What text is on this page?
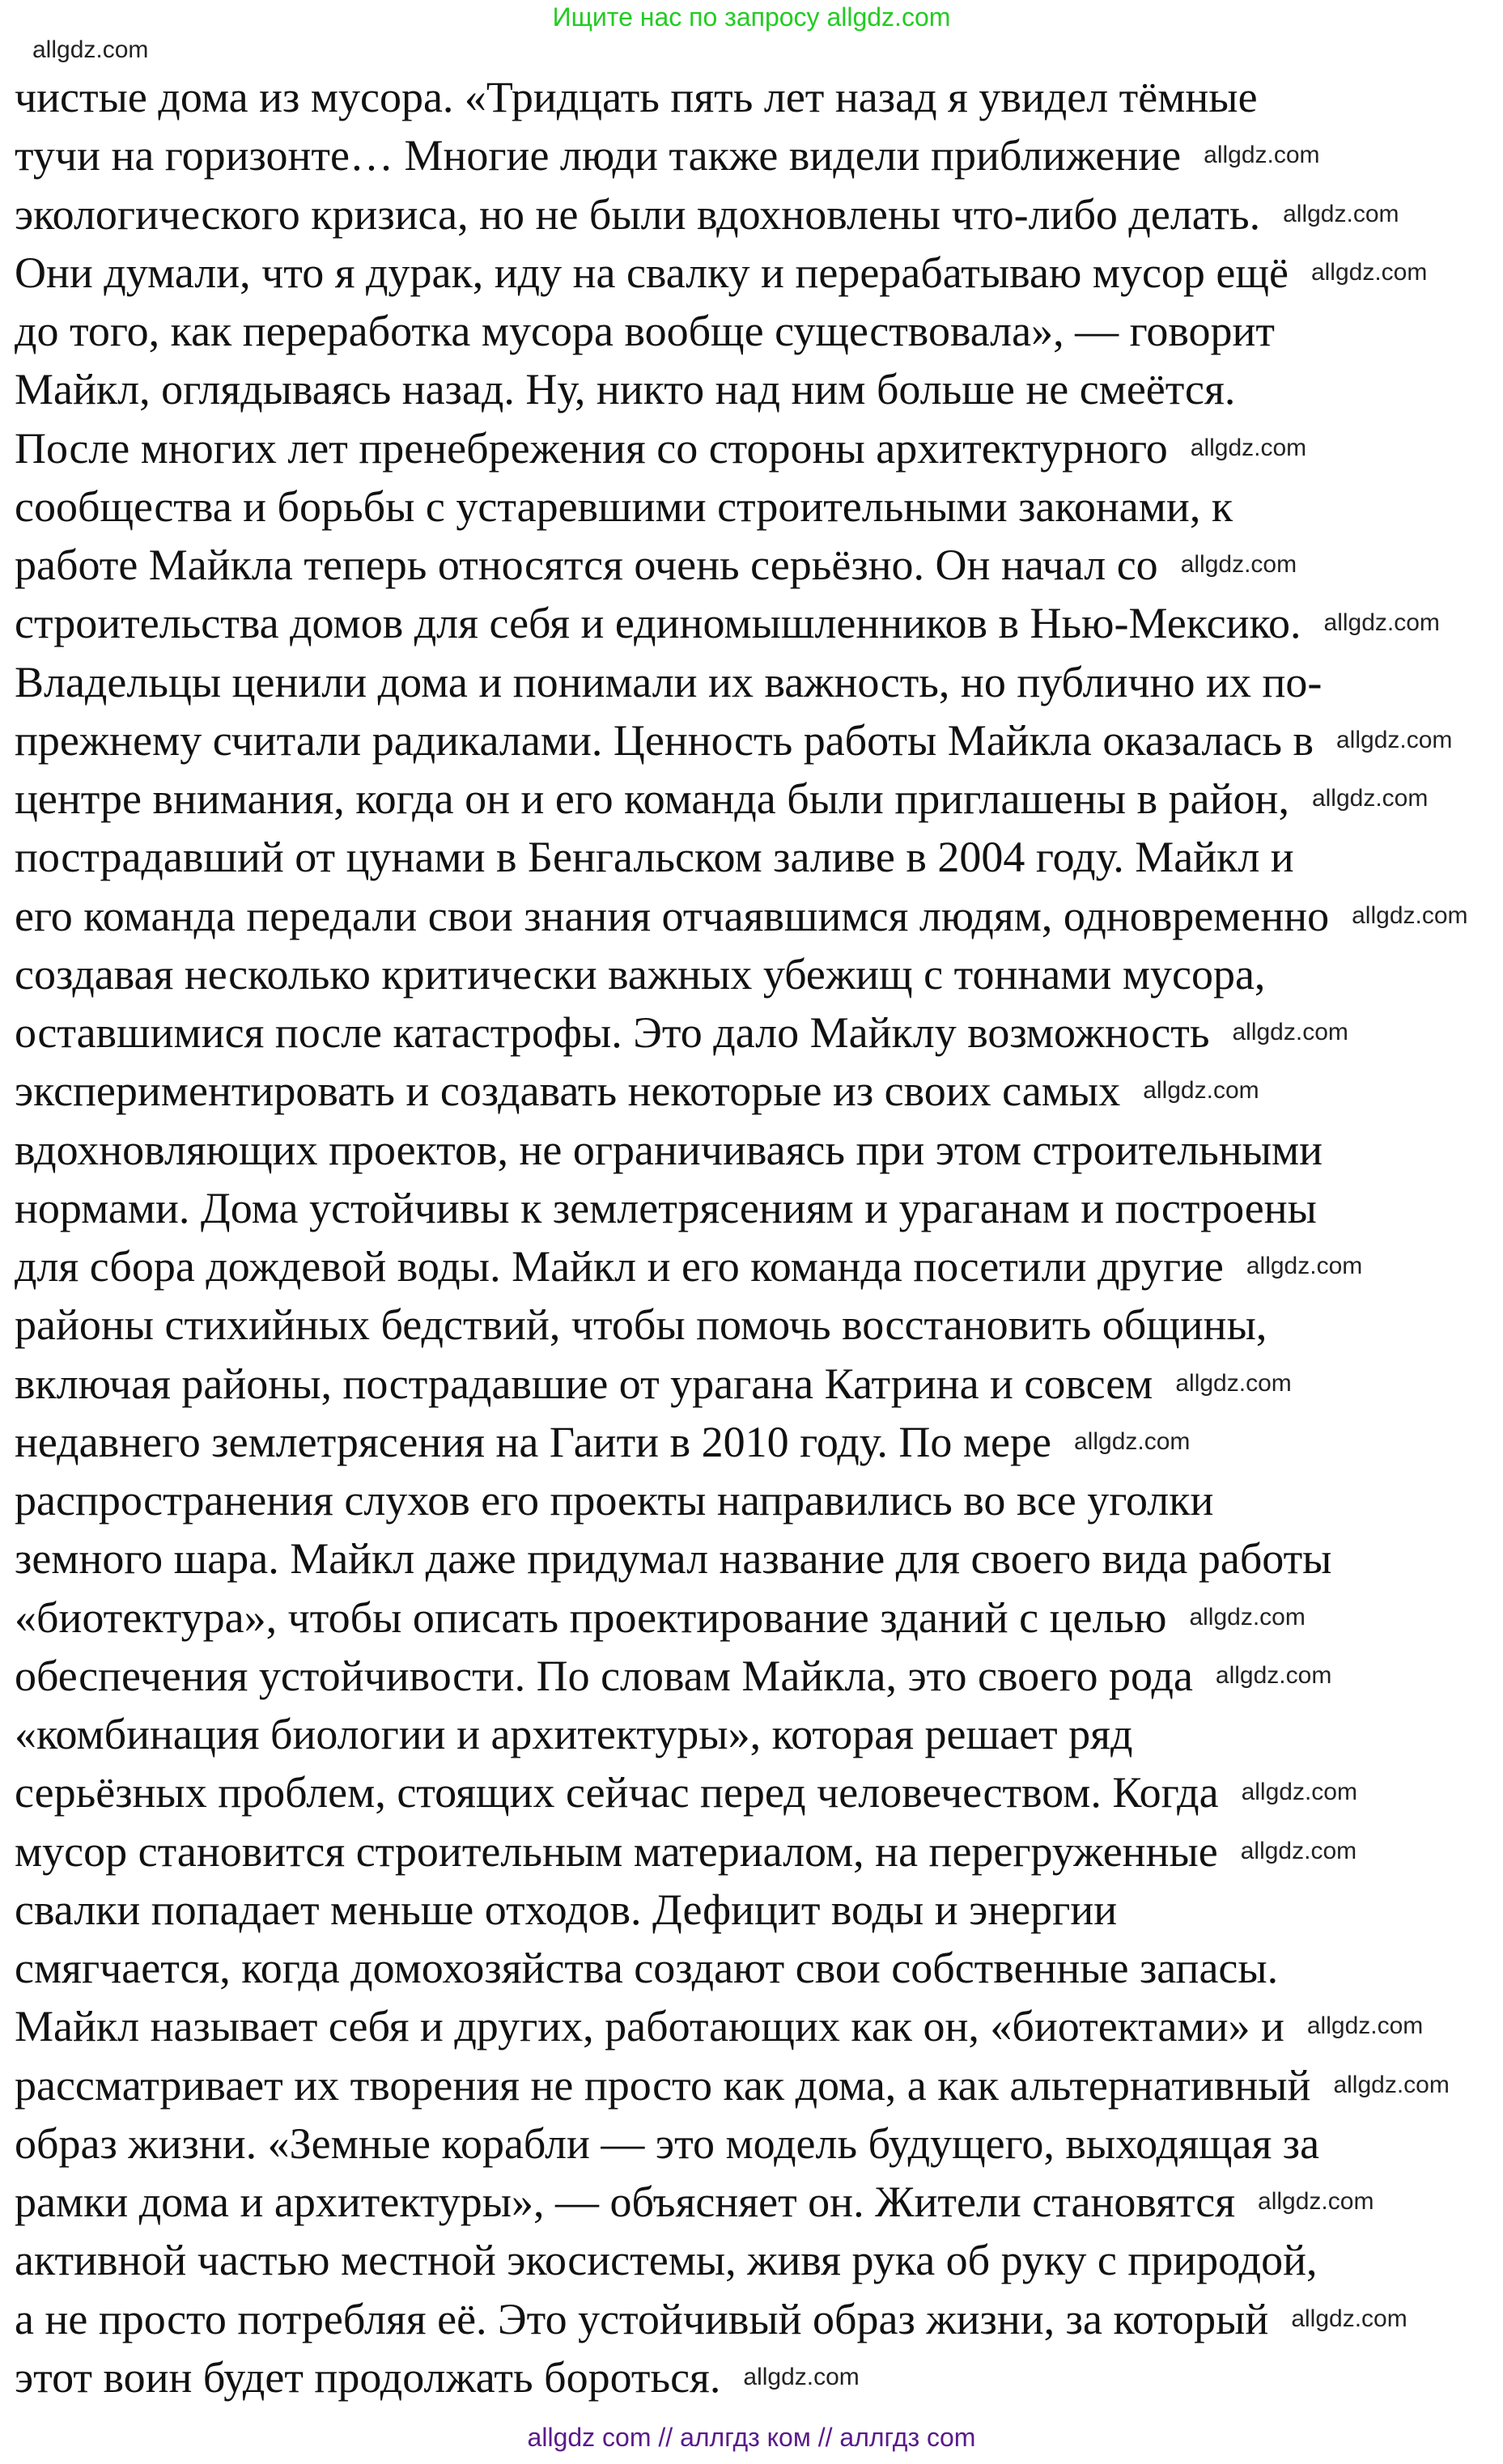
Ищите нас по запросу allgdz.com
чистые дома из мусора. «Тридцать пять лет назад я увидел тёмные
тучи на горизонте… Многие люди также видели приближение
экологического кризиса, но не были вдохновлены что-либо делать.
Они думали, что я дурак, иду на свалку и перерабатываю мусор ещё
до того, как переработка мусора вообще существовала», — говорит
Майкл, оглядываясь назад. Ну, никто над ним больше не смеётся.
После многих лет пренебрежения со стороны архитектурного
сообщества и борьбы с устаревшими строительными законами, к
работе Майкла теперь относятся очень серьёзно. Он начал со
строительства домов для себя и единомышленников в Нью-Мексико.
Владельцы ценили дома и понимали их важность, но публично их по-
прежнему считали радикалами. Ценность работы Майкла оказалась в
центре внимания, когда он и его команда были приглашены в район,
пострадавший от цунами в Бенгальском заливе в 2004 году. Майкл и
его команда передали свои знания отчаявшимся людям, одновременно
создавая несколько критически важных убежищ с тоннами мусора,
оставшимися после катастрофы. Это дало Майклу возможность
экспериментировать и создавать некоторые из своих самых
вдохновляющих проектов, не ограничиваясь при этом строительными
нормами. Дома устойчивы к землетрясениям и ураганам и построены
для сбора дождевой воды. Майкл и его команда посетили другие
районы стихийных бедствий, чтобы помочь восстановить общины,
включая районы, пострадавшие от урагана Катрина и совсем
недавнего землетрясения на Гаити в 2010 году. По мере
распространения слухов его проекты направились во все уголки
земного шара. Майкл даже придумал название для своего вида работы
«биотектура», чтобы описать проектирование зданий с целью
обеспечения устойчивости. По словам Майкла, это своего рода
«комбинация биологии и архитектуры», которая решает ряд
серьёзных проблем, стоящих сейчас перед человечеством. Когда
мусор становится строительным материалом, на перегруженные
свалки попадает меньше отходов. Дефицит воды и энергии
смягчается, когда домохозяйства создают свои собственные запасы.
Майкл называет себя и других, работающих как он, «биотектами» и
рассматривает их творения не просто как дома, а как альтернативный
образ жизни. «Земные корабли — это модель будущего, выходящая за
рамки дома и архитектуры», — объясняет он. Жители становятся
активной частью местной экосистемы, живя рука об руку с природой,
а не просто потребляя её. Это устойчивый образ жизни, за который
этот воин будет продолжать бороться.
allgdz.com
allgdz.com
allgdz.com
allgdz.com
allgdz.com
allgdz.com
allgdz.com
allgdz.com
allgdz.com
allgdz.com
allgdz.com
allgdz.com
allgdz.com
allgdz.com
allgdz.com
allgdz.com
allgdz.com
allgdz.com
allgdz.com
allgdz.com
allgdz.com
allgdz.com
allgdz.com
allgdz.com
allgdz com // аллгдз ком // аллгдз com
